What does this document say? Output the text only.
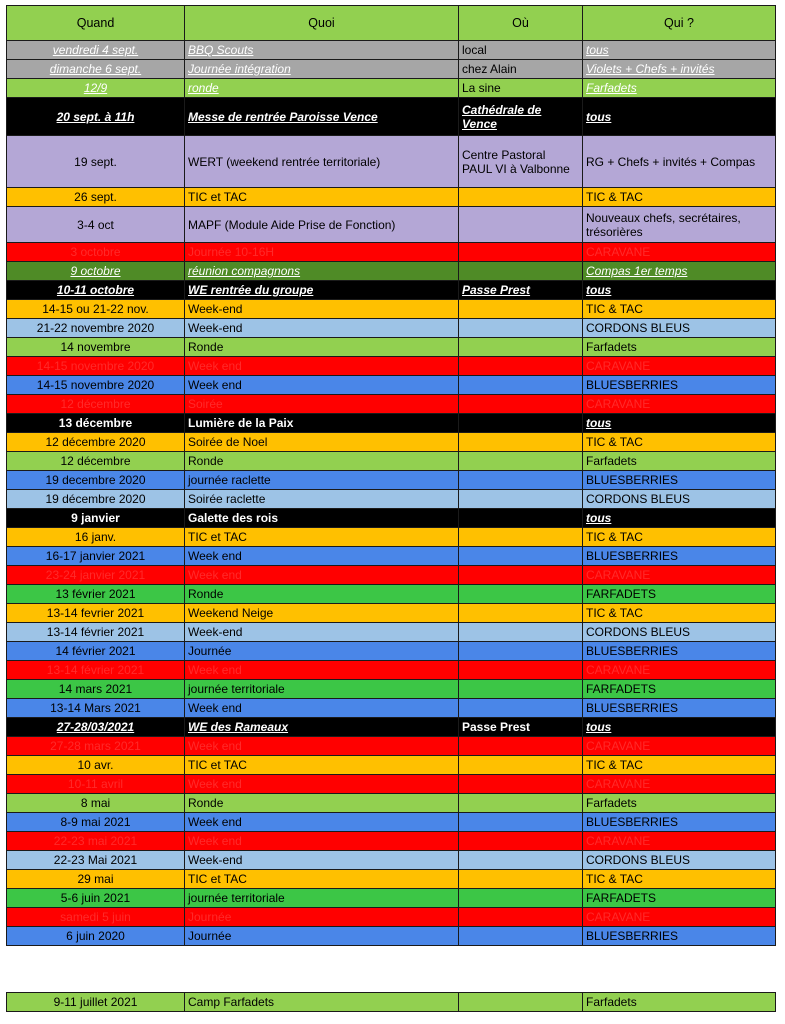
Quand	Quoi	Où	Qui ?
vendredi 4 sept.	BBQ Scouts	local	tous
dimanche 6 sept.	Journée intégration	chez Alain	Violets + Chefs + invités
12/9	ronde	La sine	Farfadets
20 sept. à 11h	Messe de rentrée Paroisse Vence	Cathédrale de Vence	tous
19 sept.	WERT (weekend rentrée territoriale)	Centre Pastoral PAUL VI à Valbonne	RG + Chefs + invités + Compas
26 sept.	TIC et TAC		TIC & TAC
3-4 oct	MAPF (Module Aide Prise de Fonction)		Nouveaux chefs, secrétaires, trésorières
3 octobre	Journée 10-16H		CARAVANE
9 octobre	réunion compagnons		Compas 1er temps
10-11 octobre	WE rentrée du groupe	Passe Prest	tous
14-15 ou 21-22 nov.	Week-end		TIC & TAC
21-22 novembre 2020	Week-end		CORDONS BLEUS
14 novembre	Ronde		Farfadets
14-15 novembre 2020	Week end		CARAVANE
14-15 novembre 2020	Week end		BLUESBERRIES
12 décembre	Soirée		CARAVANE
13 décembre	Lumière de la Paix		tous
12 décembre 2020	Soirée de Noel		TIC & TAC
12 décembre	Ronde		Farfadets
19 decembre 2020	journée raclette		BLUESBERRIES
19 décembre 2020	Soirée raclette		CORDONS BLEUS
9 janvier	Galette des rois		tous
16 janv.	TIC et TAC		TIC & TAC
16-17 janvier 2021	Week end		BLUESBERRIES
23-24 janvier 2021	Week end		CARAVANE
13 février 2021	Ronde		FARFADETS
13-14 fevrier 2021	Weekend Neige		TIC & TAC
13-14 février 2021	Week-end		CORDONS BLEUS
14 février 2021	Journée		BLUESBERRIES
13-14 février 2021	Week end		CARAVANE
14 mars 2021	journée territoriale		FARFADETS
13-14 Mars 2021	Week end		BLUESBERRIES
27-28/03/2021	WE des Rameaux	Passe Prest	tous
27-28 mars 2021	Week end		CARAVANE
10 avr.	TIC et TAC		TIC & TAC
10-11 avril	Week end		CARAVANE
8 mai	Ronde		Farfadets
8-9 mai 2021	Week end		BLUESBERRIES
22-23 mai 2021	Week end		CARAVANE
22-23 Mai 2021	Week-end		CORDONS BLEUS
29 mai	TIC et TAC		TIC & TAC
5-6 juin 2021	journée territoriale		FARFADETS
samedi 5 juin	Journée		CARAVANE
6 juin 2020	Journée		BLUESBERRIES
9-11 juillet 2021	Camp Farfadets		Farfadets
